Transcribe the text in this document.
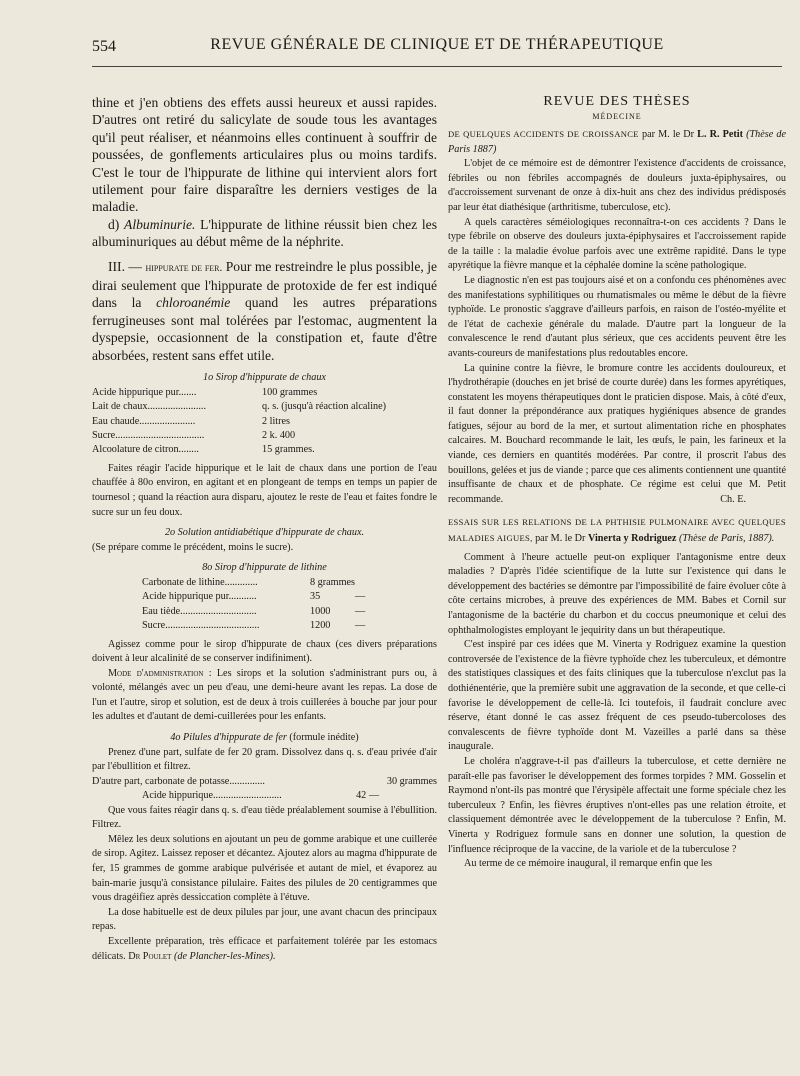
554	REVUE GÉNÉRALE DE CLINIQUE ET DE THÉRAPEUTIQUE

thine et j'en obtiens des effets aussi heureux et aussi rapides. D'autres ont retiré du salicylate de soude tous les avantages qu'il peut réaliser, et néanmoins elles continuent à souffrir de poussées, de gonflements articulaires plus ou moins tardifs. C'est le tour de l'hippurate de lithine qui intervient alors fort utilement pour faire disparaître les derniers vestiges de la maladie.

d) Albuminurie. L'hippurate de lithine réussit bien chez les albuminuriques au début même de la néphrite.

III. — hippurate de fer. Pour me restreindre le plus possible, je dirai seulement que l'hippurate de protoxide de fer est indiqué dans la chloroanémie quand les autres préparations ferrugineuses sont mal tolérées par l'estomac, augmentent la dyspepsie, occasionnent de la constipation et, faute d'être absorbées, restent sans effet utile.

1o Sirop d'hippurate de chaux

Acide hippurique pur.......	100 grammes
Lait de chaux.......................	q. s. (jusqu'à réaction alcaline)
Eau chaude......................	2 litres
Sucre...................................	2 k. 400
Alcoolature de citron........	15 grammes.

Faites réagir l'acide hippurique et le lait de chaux dans une portion de l'eau chauffée à 80o environ, en agitant et en plongeant de temps en temps un papier de tournesol ; quand la réaction aura disparu, ajoutez le reste de l'eau et faites fondre le sucre sur un feu doux.

2o Solution antidiabétique d'hippurate de chaux.

(Se prépare comme le précédent, moins le sucre).

8o Sirop d'hippurate de lithine

Carbonate de lithine.............	8 grammes	
Acide hippurique pur...........	35	—
Eau tiède..............................	1000	—
Sucre.....................................	1200	—

Agissez comme pour le sirop d'hippurate de chaux (ces divers préparations doivent à leur alcalinité de se conserver indifiniment).

Mode d'administration : Les sirops et la solution s'administrant purs ou, à volonté, mélangés avec un peu d'eau, une demi-heure avant les repas. La dose de l'un et l'autre, sirop et solution, est de deux à trois cuillerées à bouche par jour pour les adultes et d'autant de demi-cuillerées pour les enfants.

4o Pilules d'hippurate de fer (formule inédite)

Prenez d'une part, sulfate de fer 20 gram. Dissolvez dans q. s. d'eau privée d'air par l'ébullition et filtrez.

D'autre part, carbonate de potasse..............	30 grammes
Acide hippurique...........................	42 —

Que vous faites réagir dans q. s. d'eau tiède préalablement soumise à l'ébullition. Filtrez.

Mêlez les deux solutions en ajoutant un peu de gomme arabique et une cuillerée de sirop. Agitez. Laissez reposer et décantez. Ajoutez alors au magma d'hippurate de fer, 15 grammes de gomme arabique pulvérisée et autant de miel, et évaporez au bain-marie jusqu'à consistance pilulaire. Faites des pilules de 20 centigrammes que vous dragéifiez après dessiccation complète à l'étuve.

La dose habituelle est de deux pilules par jour, une avant chacun des principaux repas.

Excellente préparation, très efficace et parfaitement tolérée par les estomacs délicats. Dr Poulet (de Plancher-les-Mines).

REVUE DES THÈSES

MÉDECINE

DE QUELQUES ACCIDENTS DE CROISSANCE par M. le Dr L. R. Petit (Thèse de Paris 1887)

L'objet de ce mémoire est de démontrer l'existence d'accidents de croissance, fébriles ou non fébriles accompagnés de douleurs juxta-épiphysaires, ou d'accroissement survenant de onze à dix-huit ans chez des individus prédisposés par leur état diathésique (arthritisme, tuberculose, etc).

A quels caractères séméiologiques reconnaîtra-t-on ces accidents ? Dans le type fébrile on observe des douleurs juxta-épiphysaires et l'accroissement rapide de la taille : la maladie évolue parfois avec une extrême rapidité. Dans le type apyrétique la fièvre manque et la céphalée domine la scène pathologique.

Le diagnostic n'en est pas toujours aisé et on a confondu ces phénomènes avec des manifestations syphilitiques ou rhumatismales ou même le début de la fièvre typhoïde. Le pronostic s'aggrave d'ailleurs parfois, en raison de l'ostéo-myélite et de l'état de cachexie générale du malade. D'autre part la longueur de la convalescence le rend d'autant plus sérieux, que ces accidents peuvent être les avants-coureurs de manifestations plus redoutables encore.

La quinine contre la fièvre, le bromure contre les accidents douloureux, et l'hydrothérapie (douches en jet brisé de courte durée) dans les formes apyrétiques, constatent les moyens thérapeutiques dont le praticien dispose. Mais, à côté d'eux, il faut donner la prépondérance aux pratiques hygiéniques absence de grandes fatigues, séjour au bord de la mer, et surtout alimentation riche en phosphates calcaires. M. Bouchard recommande le lait, les œufs, le pain, les farineux et la viande, ces derniers en quantités modérées. Par contre, il proscrit l'abus des bouillons, gelées et jus de viande ; parce que ces aliments contiennent une quantité insuffisante de chaux et de phosphate. Ce régime est celui que M. Petit recommande.	Ch. E.

ESSAIS SUR LES RELATIONS DE LA PHTHISIE PULMONAIRE AVEC QUELQUES MALADIES AIGUES, par M. le Dr Vinerta y Rodriguez (Thèse de Paris, 1887).

Comment à l'heure actuelle peut-on expliquer l'antagonisme entre deux maladies ? D'après l'idée scientifique de la lutte sur l'existence qui dans le développement des bactéries se démontre par l'impossibilité de faire évoluer côte à côte certains microbes, à preuve des expériences de MM. Babes et Cornil sur l'antagonisme de la bactérie du charbon et du coccus pneumonique et celui des ophthalmologistes employant le jequirity dans un but thérapeutique.

C'est inspiré par ces idées que M. Vinerta y Rodriguez examine la question controversée de l'existence de la fièvre typhoïde chez les tuberculeux, et démontre des statistiques classiques et des faits cliniques que la tuberculose n'exclut pas la dothiénentérie, que la première subit une aggravation de la seconde, et que celle-ci favorise le développement de celle-là. Ici toutefois, il faudrait conclure avec réserve, étant donné le cas assez fréquent de ces pseudo-tubercoloses des convalescents de fièvre typhoïde dont M. Vazeilles a parlé dans sa thèse inaugurale.

Le choléra n'aggrave-t-il pas d'ailleurs la tuberculose, et cette dernière ne paraît-elle pas favoriser le développement des formes torpides ? MM. Gosselin et Raymond n'ont-ils pas montré que l'érysipèle affectait une forme spéciale chez les tuberculeux ? Enfin, les fièvres éruptives n'ont-elles pas une relation étroite, et classiquement démontrée avec le développement de la tuberculose ? Enfin, M. Vinerta y Rodriguez formule sans en donner une solution, la question de l'influence réciproque de la vaccine, de la variole et de la tuberculose ?

Au terme de ce mémoire inaugural, il remarque enfin que les
